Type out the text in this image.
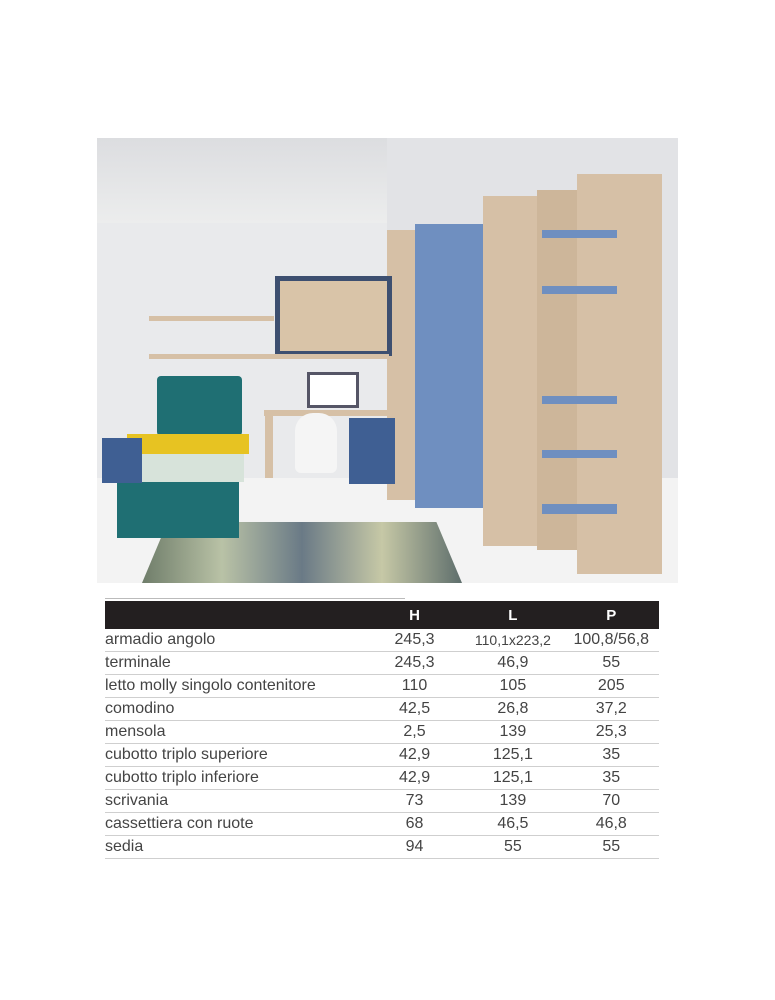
	H	L	P
armadio angolo	245,3	110,1x223,2	100,8/56,8
terminale	245,3	46,9	55
letto molly singolo contenitore	110	105	205
comodino	42,5	26,8	37,2
mensola	2,5	139	25,3
cubotto triplo superiore	42,9	125,1	35
cubotto triplo inferiore	42,9	125,1	35
scrivania	73	139	70
cassettiera con ruote	68	46,5	46,8
sedia	94	55	55
